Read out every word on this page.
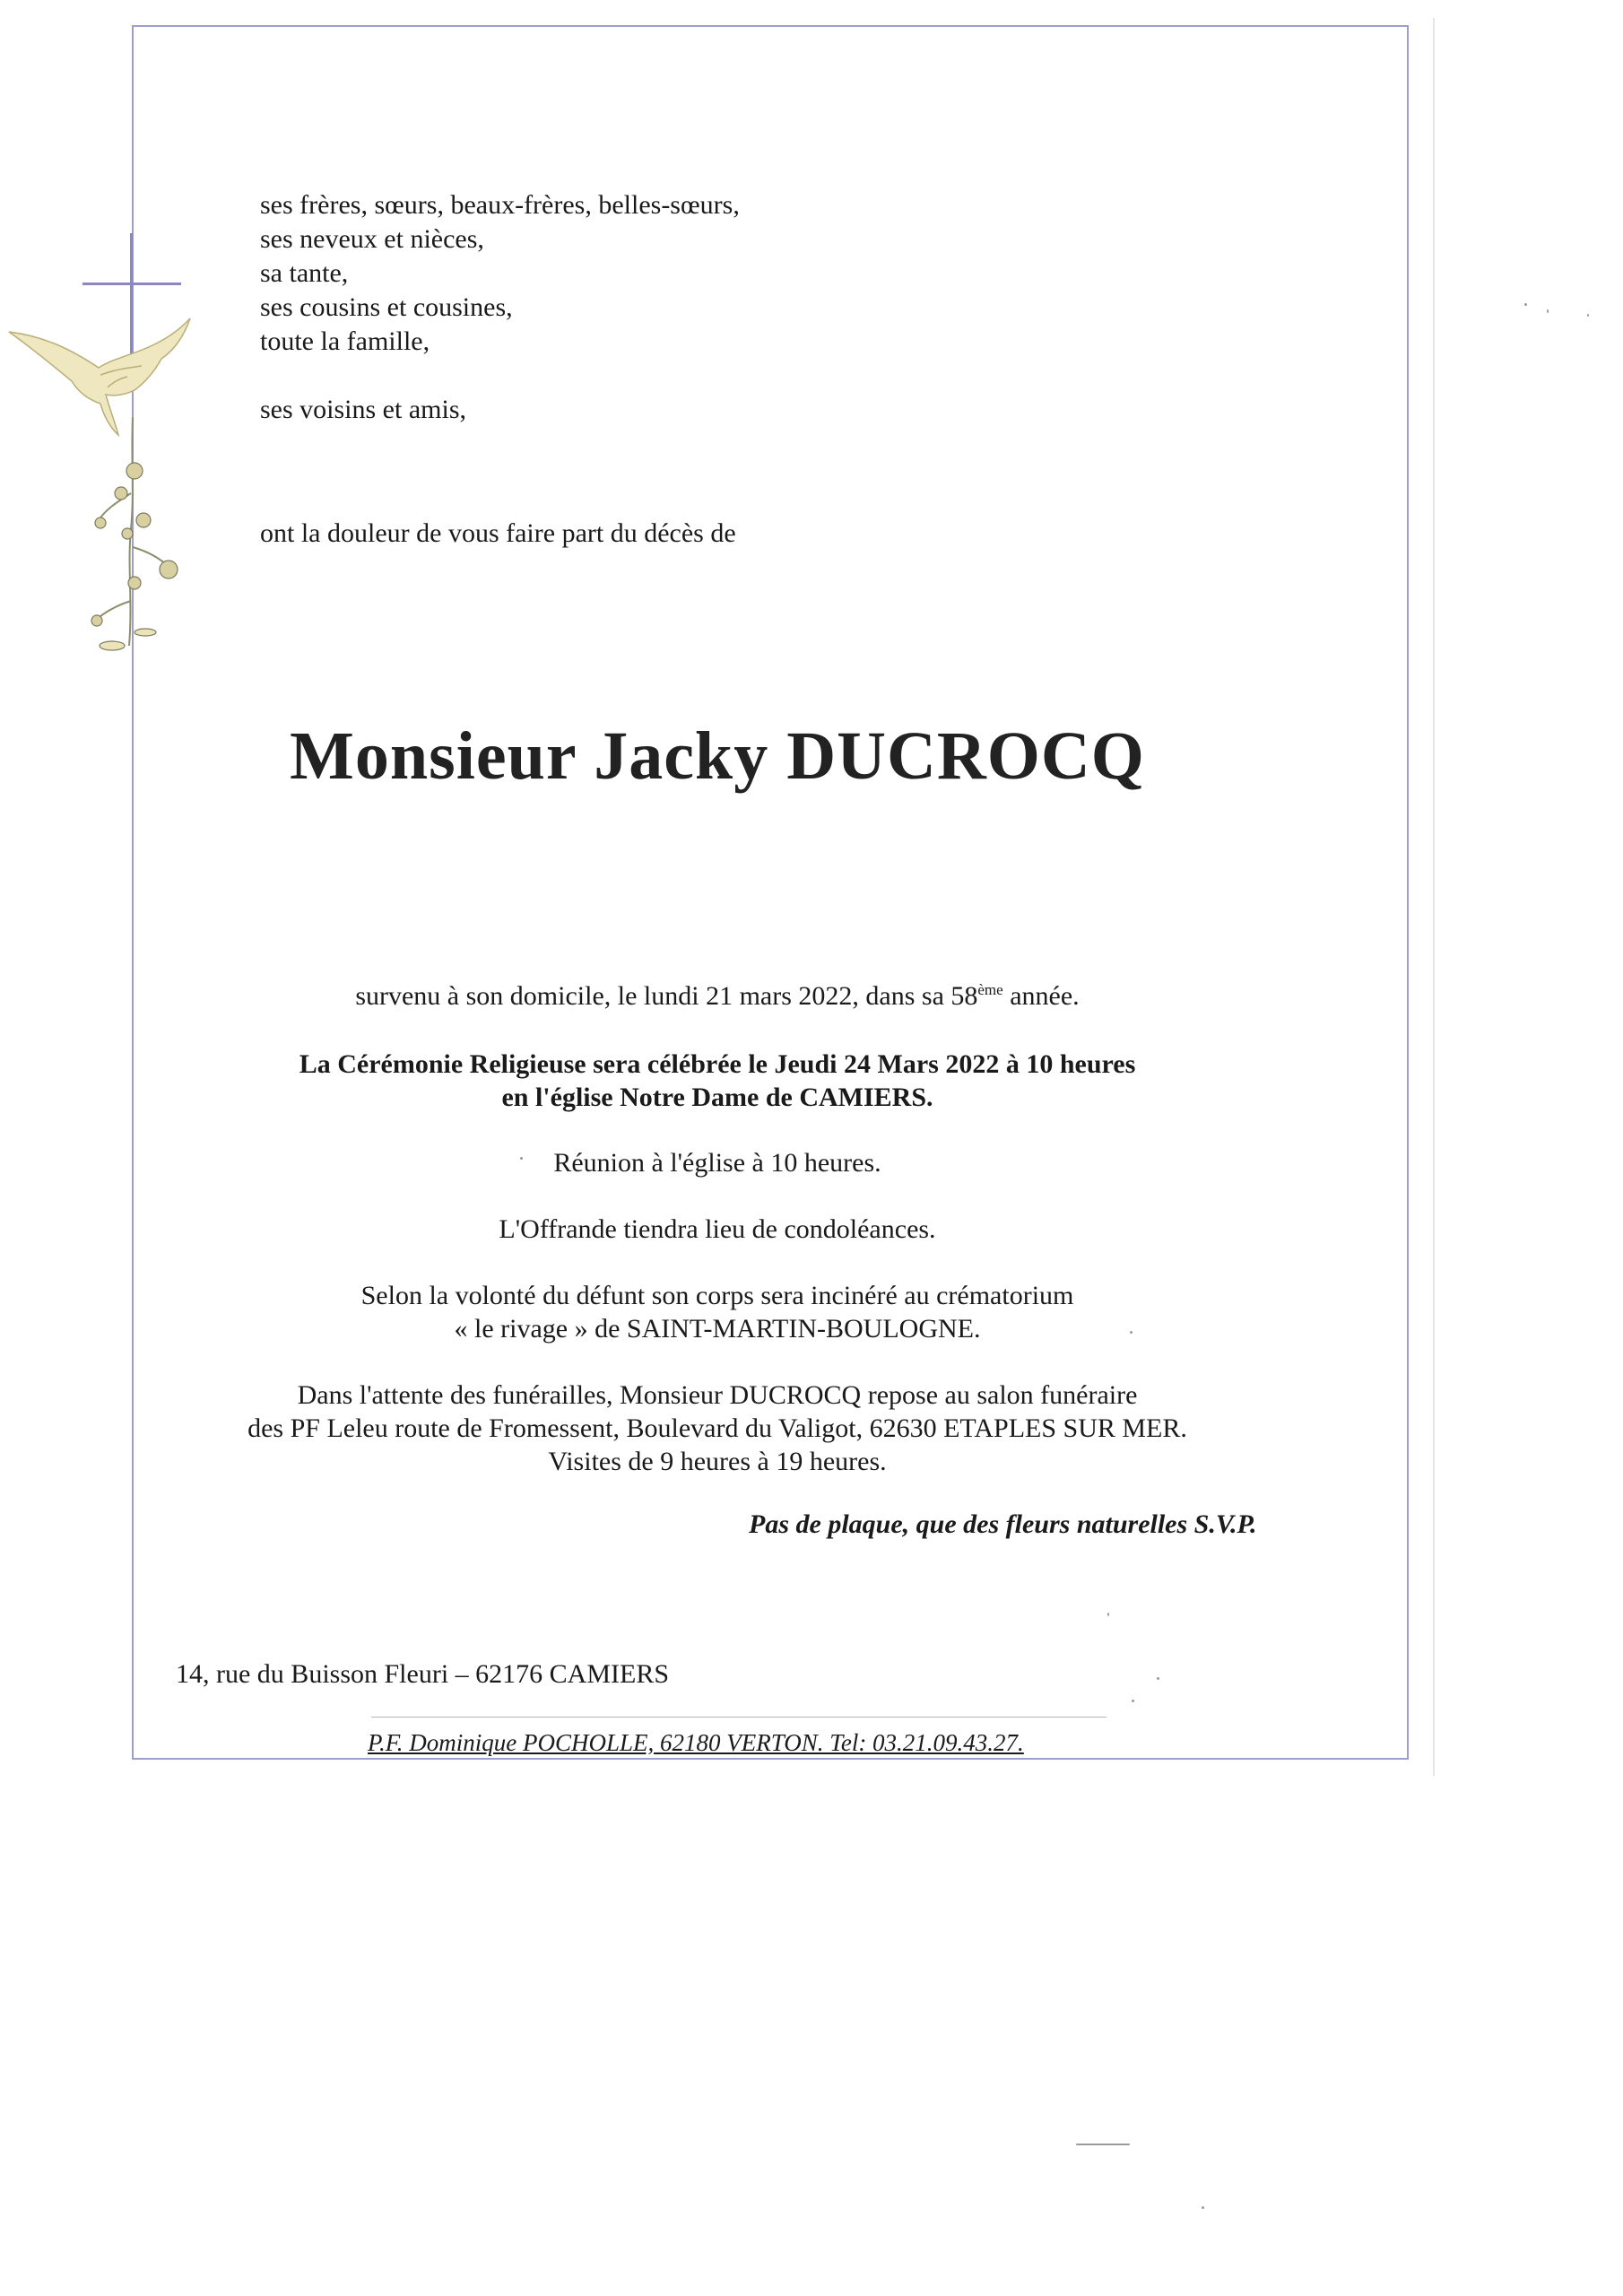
ses frères, sœurs, beaux-frères, belles-sœurs,
ses neveux et nièces,
sa tante,
ses cousins et cousines,
toute la famille,
ses voisins et amis,
ont la douleur de vous faire part du décès de
Monsieur Jacky DUCROCQ
survenu à son domicile, le lundi 21 mars 2022, dans sa 58ème année.
La Cérémonie Religieuse sera célébrée le Jeudi 24 Mars 2022 à 10 heures
en l'église Notre Dame de CAMIERS.
Réunion à l'église à 10 heures.
L'Offrande tiendra lieu de condoléances.
Selon la volonté du défunt son corps sera incinéré au crématorium
« le rivage » de SAINT-MARTIN-BOULOGNE.
Dans l'attente des funérailles, Monsieur DUCROCQ repose au salon funéraire
des PF Leleu route de Fromessent, Boulevard du Valigot, 62630 ETAPLES SUR MER.
Visites de 9 heures à 19 heures.
Pas de plaque, que des fleurs naturelles S.V.P.
14, rue du Buisson Fleuri – 62176 CAMIERS
P.F. Dominique POCHOLLE, 62180 VERTON. Tel: 03.21.09.43.27.
